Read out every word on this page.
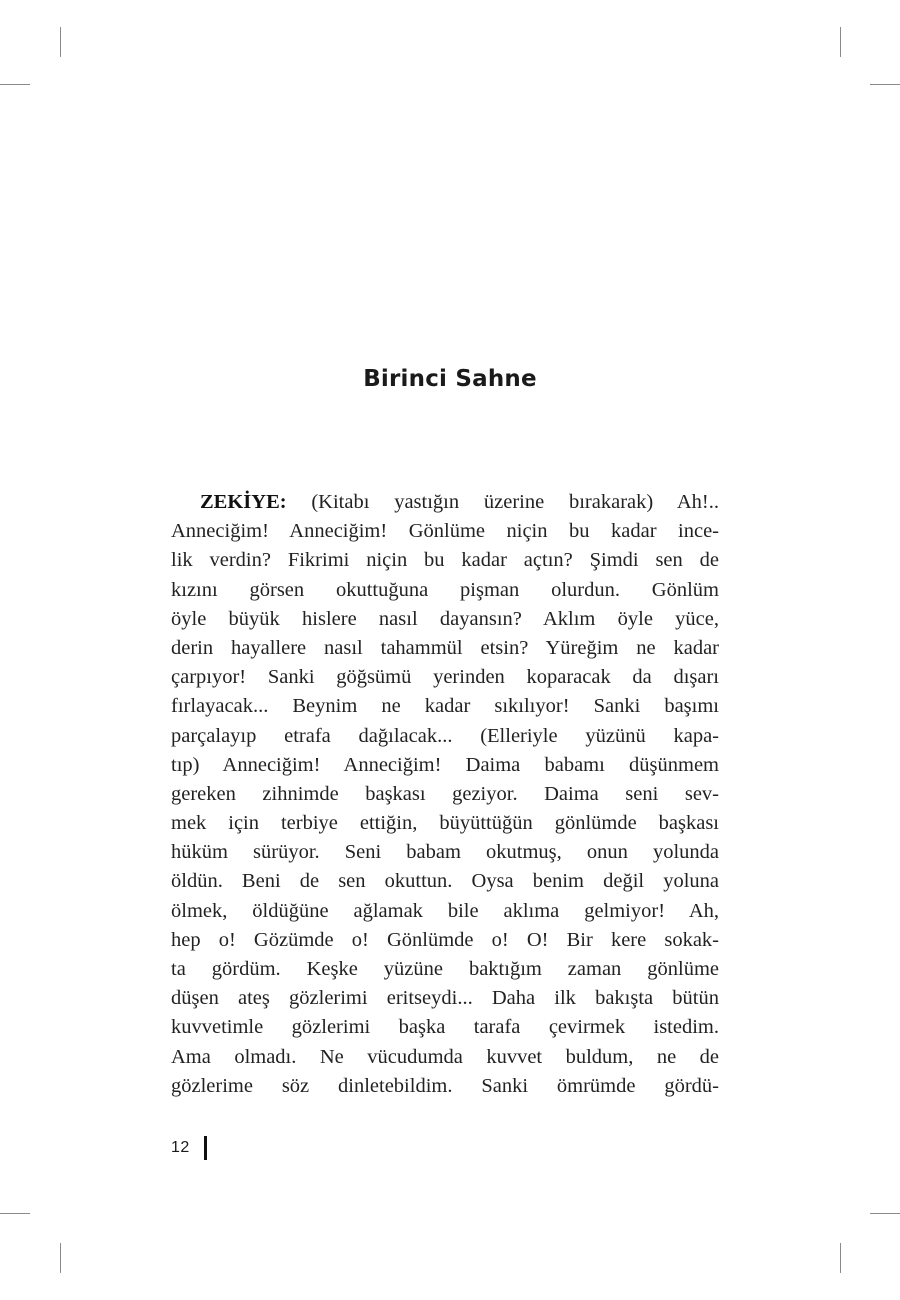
Birinci Sahne
ZEKİYE: (Kitabı yastığın üzerine bırakarak) Ah!..
Anneciğim! Anneciğim! Gönlüme niçin bu kadar ince-
lik verdin? Fikrimi niçin bu kadar açtın? Şimdi sen de
kızını görsen okuttuğuna pişman olurdun. Gönlüm
öyle büyük hislere nasıl dayansın? Aklım öyle yüce,
derin hayallere nasıl tahammül etsin? Yüreğim ne kadar
çarpıyor! Sanki göğsümü yerinden koparacak da dışarı
fırlayacak... Beynim ne kadar sıkılıyor! Sanki başımı
parçalayıp etrafa dağılacak... (Elleriyle yüzünü kapa-
tıp) Anneciğim! Anneciğim! Daima babamı düşünmem
gereken zihnimde başkası geziyor. Daima seni sev-
mek için terbiye ettiğin, büyüttüğün gönlümde başkası
hüküm sürüyor. Seni babam okutmuş, onun yolunda
öldün. Beni de sen okuttun. Oysa benim değil yoluna
ölmek, öldüğüne ağlamak bile aklıma gelmiyor! Ah,
hep o! Gözümde o! Gönlümde o! O! Bir kere sokak-
ta gördüm. Keşke yüzüne baktığım zaman gönlüme
düşen ateş gözlerimi eritseydi... Daha ilk bakışta bütün
kuvvetimle gözlerimi başka tarafa çevirmek istedim.
Ama olmadı. Ne vücudumda kuvvet buldum, ne de
gözlerime söz dinletebildim. Sanki ömrümde gördü-
12
